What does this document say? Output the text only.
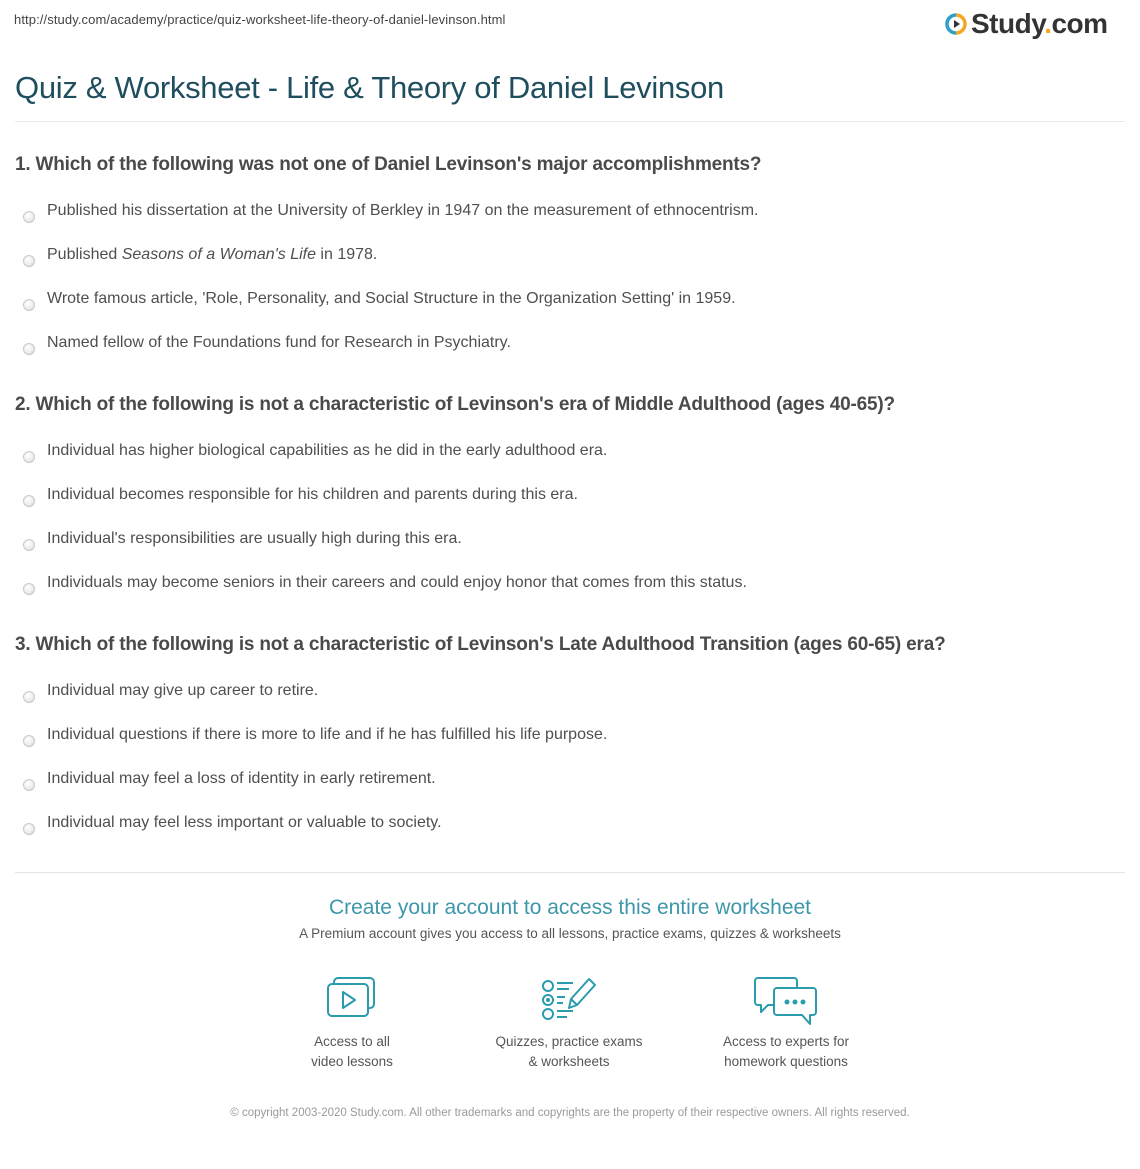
http://study.com/academy/practice/quiz-worksheet-life-theory-of-daniel-levinson.html	Study.com
Quiz & Worksheet - Life & Theory of Daniel Levinson
1. Which of the following was not one of Daniel Levinson's major accomplishments?
Published his dissertation at the University of Berkley in 1947 on the measurement of ethnocentrism.
Published Seasons of a Woman's Life in 1978.
Wrote famous article, 'Role, Personality, and Social Structure in the Organization Setting' in 1959.
Named fellow of the Foundations fund for Research in Psychiatry.
2. Which of the following is not a characteristic of Levinson's era of Middle Adulthood (ages 40-65)?
Individual has higher biological capabilities as he did in the early adulthood era.
Individual becomes responsible for his children and parents during this era.
Individual's responsibilities are usually high during this era.
Individuals may become seniors in their careers and could enjoy honor that comes from this status.
3. Which of the following is not a characteristic of Levinson's Late Adulthood Transition (ages 60-65) era?
Individual may give up career to retire.
Individual questions if there is more to life and if he has fulfilled his life purpose.
Individual may feel a loss of identity in early retirement.
Individual may feel less important or valuable to society.
Create your account to access this entire worksheet

A Premium account gives you access to all lessons, practice exams, quizzes & worksheets

Access to all
video lessons
Quizzes, practice exams
& worksheets
Access to experts for
homework questions

© copyright 2003-2020 Study.com. All other trademarks and copyrights are the property of their respective owners. All rights reserved.
